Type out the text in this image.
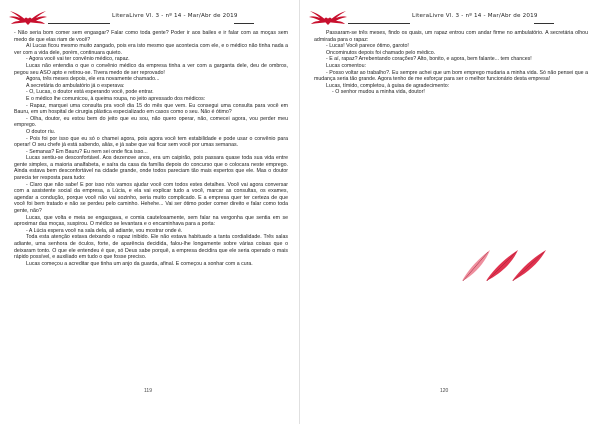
LiteraLivre Vl. 3 - nº 14 - Mar/Abr de 2019

- Não seria bom comer sem engasgar? Falar como toda gente? Poder ir aos bailes e ir falar com as moças sem medo de que elas riam de você?

Aí Lucas ficou mesmo muito zangado, pois era isto mesmo que acontecia com ele, e o médico não tinha nada a ver com a vida dele, porém, continuara quieto.

- Agora você vai ter convênio médico, rapaz.

Lucas não entendia o que o convênio médico da empresa tinha a ver com a garganta dele, deu de ombros, pegou seu ASO apto e retirou-se. Tivera medo de ser reprovado!

Agora, três meses depois, ele era novamente chamado...

A secretária do ambulatório já o esperava:

- O, Lucas, o doutor está esperando você, pode entrar.

E o médico lhe comunicou, à queima roupa, no jeito apressado dos médicos:

- Rapaz, marquei uma consulta pra você dia 15 do mês que vem. Eu consegui uma consulta para você em Bauru, em um hospital de cirurgia plástica especializado em casos como o seu. Não é ótimo?

- Olha, doutor, eu estou bem do jeito que eu sou, não quero operar, não, comecei agora, vou perder meu emprego.

O doutor riu.

- Pois foi por isso que eu só o chamei agora, pois agora você tem estabilidade e pode usar o convênio para operar! O seu chefe já está sabendo, aliás, e já sabe que vai ficar sem você por umas semanas.

- Semanas? Em Bauru? Eu nem sei onde fica isso...

Lucas sentiu-se desconfortável. Aos dezenove anos, era um caipirão, pois passara quase toda sua vida entre gente simples, a maioria analfabeta, e saíra da casa da família depois do concurso que o colocara neste emprego. Ainda estava bem desconfortável na cidade grande, onde todos pareciam tão mais espertos que ele. Mas o doutor parecia ter resposta para tudo:

- Claro que não sabe! E por isso nós vamos ajudar você com todos estes detalhes. Você vai agora conversar com a assistente social da empresa, a Lúcia, e ela vai explicar tudo a você, marcar as consultas, os exames, agendar a condução, porque você não vai sozinho, seria muito complicado. E a empresa quer ter certeza de que você foi bem tratado e não se perdeu pelo caminho. Hehehe... Vai ser ótimo poder comer direito e falar como toda gente, não?

Lucas, que volta e meia se engasgava, e comia cautelosamente, sem falar na vergonha que sentia em se aproximar das moças, suspirou. O médico se levantara e o encaminhava para a porta:

- A Lúcia espera você na sala dela, ali adiante, vou mostrar onde é.

Toda esta atenção estava deixando o rapaz inibido. Ele não estava habituado a tanta cordialidade. Três salas adiante, uma senhora de óculos, forte, de aparência decidida, falou-lhe longamente sobre várias coisas que o deixaram tonto. O que ele entendeu é que, só Deus sabe porquê, a empresa decidira que ele seria operado o mais rápido possível, e auxiliado em tudo o que fosse preciso.

Lucas começou a acreditar que tinha um anjo da guarda, afinal. E começou a sonhar com a cura.

119
LiteraLivre Vl. 3 - nº 14 - Mar/Abr de 2019

Passaram-se três meses, findo os quais, um rapaz entrou com andar firme no ambulatório. A secretária olhou admirada para o rapaz:

- Lucas! Você parece ótimo, garoto!

Oncominutos depois foi chamado pelo médico.

- E aí, rapaz? Arrebentando corações? Alto, bonito, e agora, bem falante... tem chances!

Lucas comentou:

- Posso voltar ao trabalho?. Eu sempre achei que um bom emprego mudaria a minha vida. Só não pensei que a mudança seria tão grande. Agora tenho de me esforçar para ser o melhor funcionário desta empresa!

Lucas, tímido, completou, à guisa de agradecimento:

- O senhor mudou a minha vida, doutor!

120
